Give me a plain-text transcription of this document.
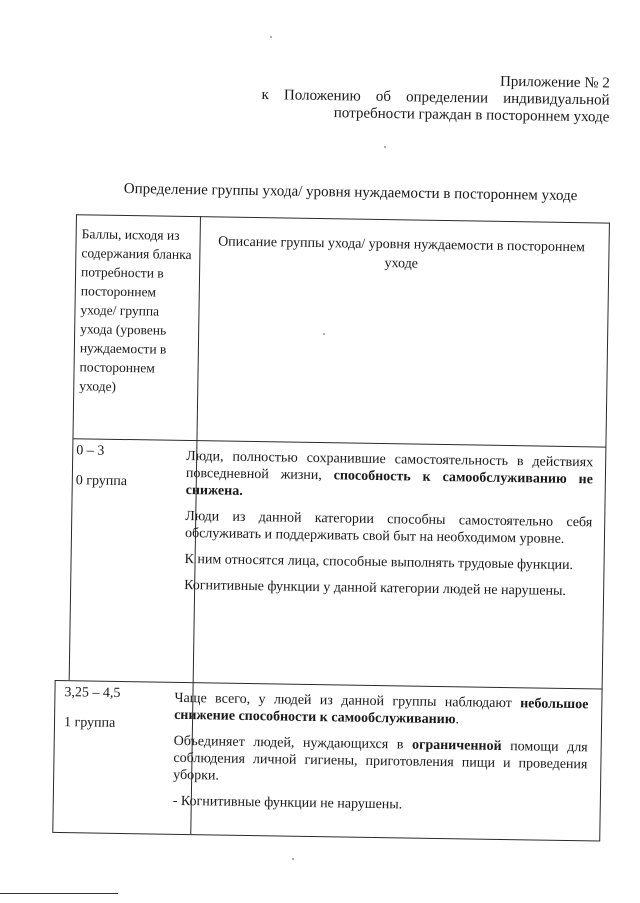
Приложение № 2
к Положению об определении индивидуальной
потребности граждан в постороннем уходе
Определение группы ухода/ уровня нуждаемости в постороннем уходе
Баллы, исходя из содержания бланка потребности в постороннем уходе/ группа ухода (уровень нуждаемости в постороннем уходе)
Описание группы ухода/ уровня нуждаемости в постороннем уходе
0 – 3
0 группа

Люди, полностью сохранившие самостоятельность в действиях повседневной жизни, способность к самообслуживанию не снижена.

Люди из данной категории способны самостоятельно себя обслуживать и поддерживать свой быт на необходимом уровне.

К ним относятся лица, способные выполнять трудовые функции.

Когнитивные функции у данной категории людей не нарушены.

3,25 – 4,5
1 группа

Чаще всего, у людей из данной группы наблюдают небольшое снижение способности к самообслуживанию.

Объединяет людей, нуждающихся в ограниченной помощи для соблюдения личной гигиены, приготовления пищи и проведения уборки.

- Когнитивные функции не нарушены.
